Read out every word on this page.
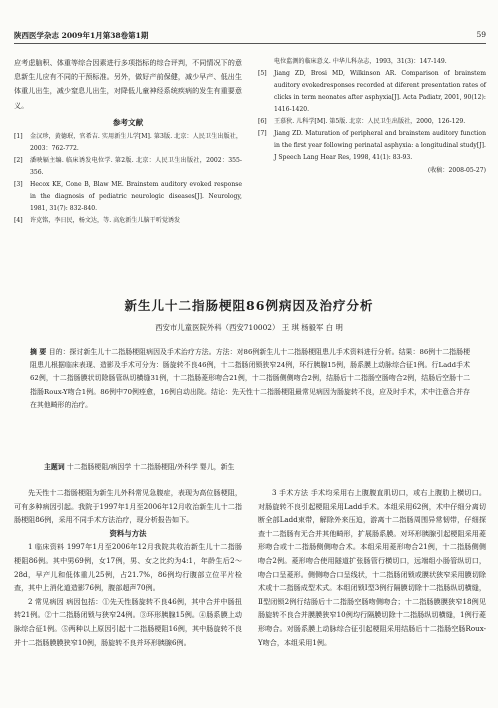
陕西医学杂志 2009年1月第38卷第1期	59

应考虑脑积、体重等综合因素进行多项指标的综合评判，不同情况下的意息新生儿应有不同的干预标准。另外，做好产前保健，减少早产、低出生体重儿出生，减少窒息儿出生，对降低儿童神经系统疾病的发生有重要意义。

参考文献
[1]	金汉珍，黄德珉，官希吉. 实用新生儿学[M]. 第3版. 北京：人民卫生出版社，2003：762-772.
[2]	潘映辐主编. 临床诱发电位学. 第2版. 北京：人民卫生出版社，2002：355-356.
[3]	Hecox KE, Cone B, Blaw ME. Brainstem auditory evoked response in the diagnosis of pediatric neurologic diseases[J]. Neurology, 1981, 31(7): 832-840.
[4]	许克铭，李日民，杨文达，等. 高危新生儿脑干听觉诱发
电位监测的临床意义. 中华儿科杂志，1993，31(3)：147-149.
[5]	Jiang ZD, Brosi MD, Wilkinson AR. Comparison of brainstem auditory evokedresponses recorded at diferent presentation rates of clicks in term neonates after asphyxia[J]. Acta Padiatr, 2001, 90(12): 1416-1420.
[6]	王慕狄. 儿科学[M]. 第5版. 北京：人民卫生出版社，2000，126-129.
[7]	Jiang ZD. Maturation of peripheral and brainstem auditory function in the first year following perinatal asphyxia: a longitudinal study[J]. J Speech Lang Hear Res, 1998, 41(1): 83-93.
(收稿：2008-05-27)
新生儿十二指肠梗阻86例病因及治疗分析
西安市儿童医院外科（西安710002） 王 琪 杨毅军 白 明
摘 要 目的：探讨新生儿十二指肠梗阻病因及手术治疗方法。方法：对86例新生儿十二指肠梗阻患儿手术资料进行分析。结果：86例十二指肠梗阻患儿根据临床表现、造影及手术可分为：肠旋转不良46例，十二指肠闭锁狭窄24例，环行胰腺15例，肠系膜上动脉综合征1例。行Ladd手术62例，十二指肠膜状切除肠管纵切横缝31例，十二指肠菱形吻合21例，十二指肠侧侧吻合2例，结肠后十二指肠空肠吻合2例，结肠后空肠十二指肠Roux-Y吻合1例。86例中70例痊愈，16例自动出院。结论：先天性十二指肠梗阻最常见病因为肠旋转不良，应及时手术，术中注意合并存在其他畸形的治疗。
主题词 十二指肠梗阻/病因学 十二指肠梗阻/外科学 婴儿，新生

先天性十二指肠梗阻为新生儿外科常见急腹症，表现为高位肠梗阻，可有多种病因引起。我院于1997年1月至2006年12月收治新生儿十二指肠梗阻86例，采用不同手术方法治疗，现分析报告如下。

资料与方法

1 临床资料 1997年1月至2006年12月我院共收治新生儿十二指肠梗阻86例。其中男69例，女17例，男、女之比约为4:1，年龄生后2～28d，早产儿和低体重儿25例，占21.7%，86例均行腹部立位平片检查，其中上消化道造影76例，腹部超声70例。

2 常见病因 病因包括：①先天性肠旋转不良46例，其中合并中肠扭转21例。②十二指肠闭锁与狭窄24例。③环形胰腺15例。④肠系膜上动脉综合征1例。⑤两种以上原因引起十二指肠梗阻16例，其中肠旋转不良并十二指肠膜膜狭窄10例，肠旋转不良并环形胰腺6例。

3 手术方法 手术均采用右上腹腹直肌切口，或右上腹肋上横切口。对肠旋转不良引起梗阻采用Ladd手术。本组采用62例，术中仔细分离切断全部Ladd束带，解除外来压迫，游离十二指肠周围异常韧带，仔细探查十二指肠有无合并其他畸形，扩展肠系膜。对环形胰腺引起梗阻采用菱形吻合或十二指肠侧侧吻合术。本组采用菱形吻合21例，十二指肠侧侧吻合2例。菱形吻合使用隧道扩张肠管行横切口，远端组小肠管纵切口，吻合口呈菱形。侧侧吻合口呈线状，十二指肠闭锁或膜状狭窄采用膜切除术或十二指肠成型术式。本组闭锁Ⅰ型3例行隔膜切除十二指肠纵切横缝，Ⅱ型闭锁2例行结肠后十二指肠空肠吻侧吻合；十二指肠膜膜狭窄18例见肠旋转不良合并膜膜狭窄10例均行隔膜切除十二指肠纵切横缝，1例行菱形吻合。对肠系膜上动脉综合征引起梗阻采用结肠后十二指肠空肠Roux-Y吻合，本组采用1例。
